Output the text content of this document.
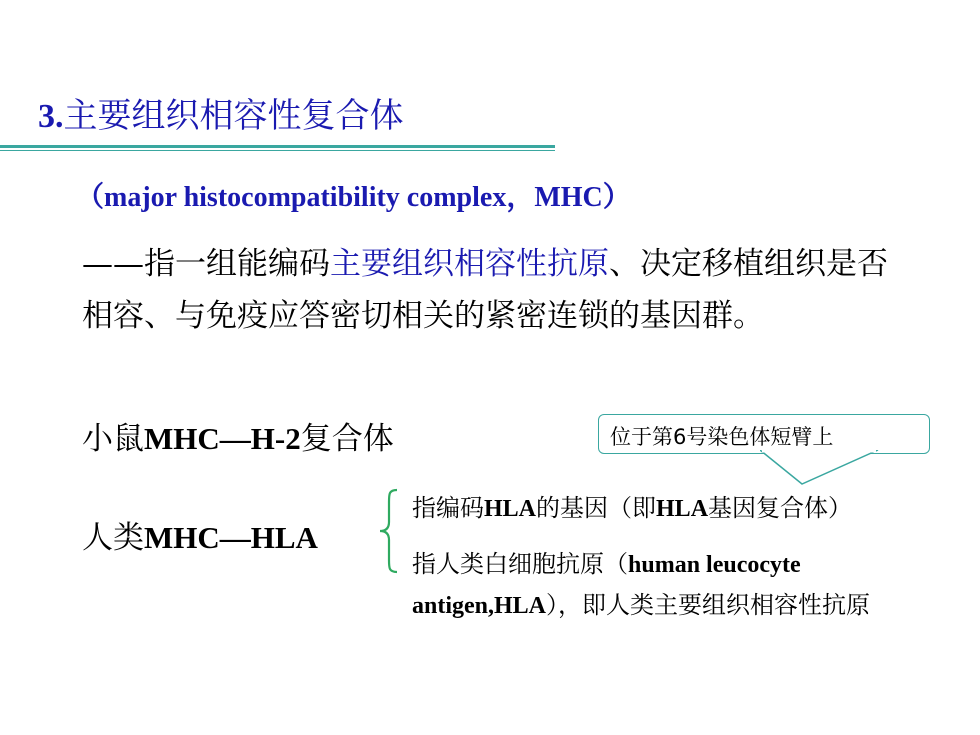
3.主要组织相容性复合体
（major histocompatibility complex，MHC）
——指一组能编码主要组织相容性抗原、决定移植组织是否相容、与免疫应答密切相关的紧密连锁的基因群。
小鼠MHC—H-2复合体	位于第6号染色体短臂上
人类MHC—HLA
指编码HLA的基因（即HLA基因复合体）
指人类白细胞抗原（human leucocyte antigen,HLA），即人类主要组织相容性抗原
